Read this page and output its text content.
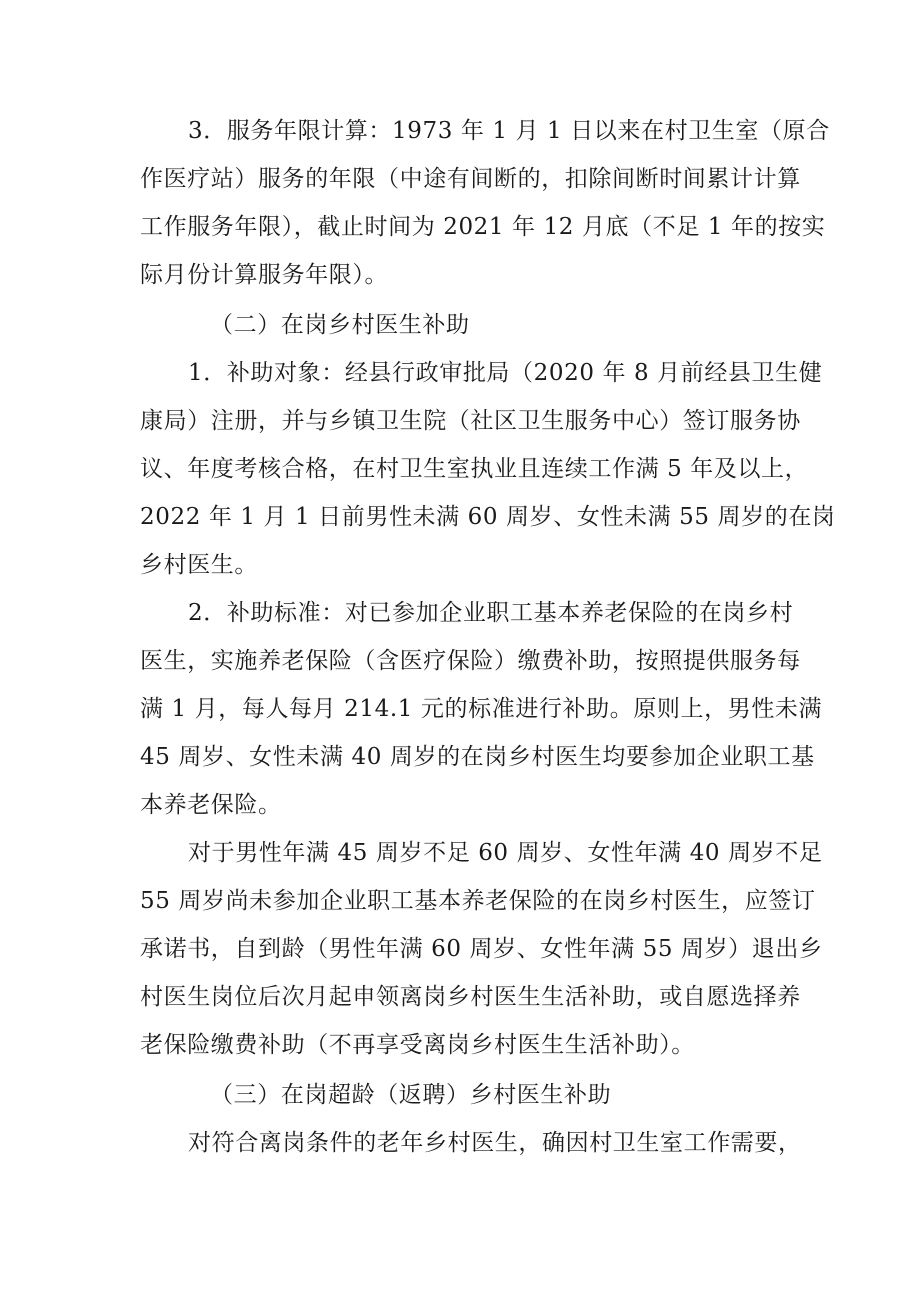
3．服务年限计算：1973 年 1 月 1 日以来在村卫生室（原合
作医疗站）服务的年限（中途有间断的，扣除间断时间累计计算
工作服务年限），截止时间为 2021 年 12 月底（不足 1 年的按实
际月份计算服务年限）。
（二）在岗乡村医生补助
1．补助对象：经县行政审批局（2020 年 8 月前经县卫生健
康局）注册，并与乡镇卫生院（社区卫生服务中心）签订服务协
议、年度考核合格，在村卫生室执业且连续工作满 5 年及以上，
2022 年 1 月 1 日前男性未满 60 周岁、女性未满 55 周岁的在岗
乡村医生。
2．补助标准：对已参加企业职工基本养老保险的在岗乡村
医生，实施养老保险（含医疗保险）缴费补助，按照提供服务每
满 1 月，每人每月 214.1 元的标准进行补助。原则上，男性未满
45 周岁、女性未满 40 周岁的在岗乡村医生均要参加企业职工基
本养老保险。
对于男性年满 45 周岁不足 60 周岁、女性年满 40 周岁不足
55 周岁尚未参加企业职工基本养老保险的在岗乡村医生，应签订
承诺书，自到龄（男性年满 60 周岁、女性年满 55 周岁）退出乡
村医生岗位后次月起申领离岗乡村医生生活补助，或自愿选择养
老保险缴费补助（不再享受离岗乡村医生生活补助）。
（三）在岗超龄（返聘）乡村医生补助
对符合离岗条件的老年乡村医生，确因村卫生室工作需要，
